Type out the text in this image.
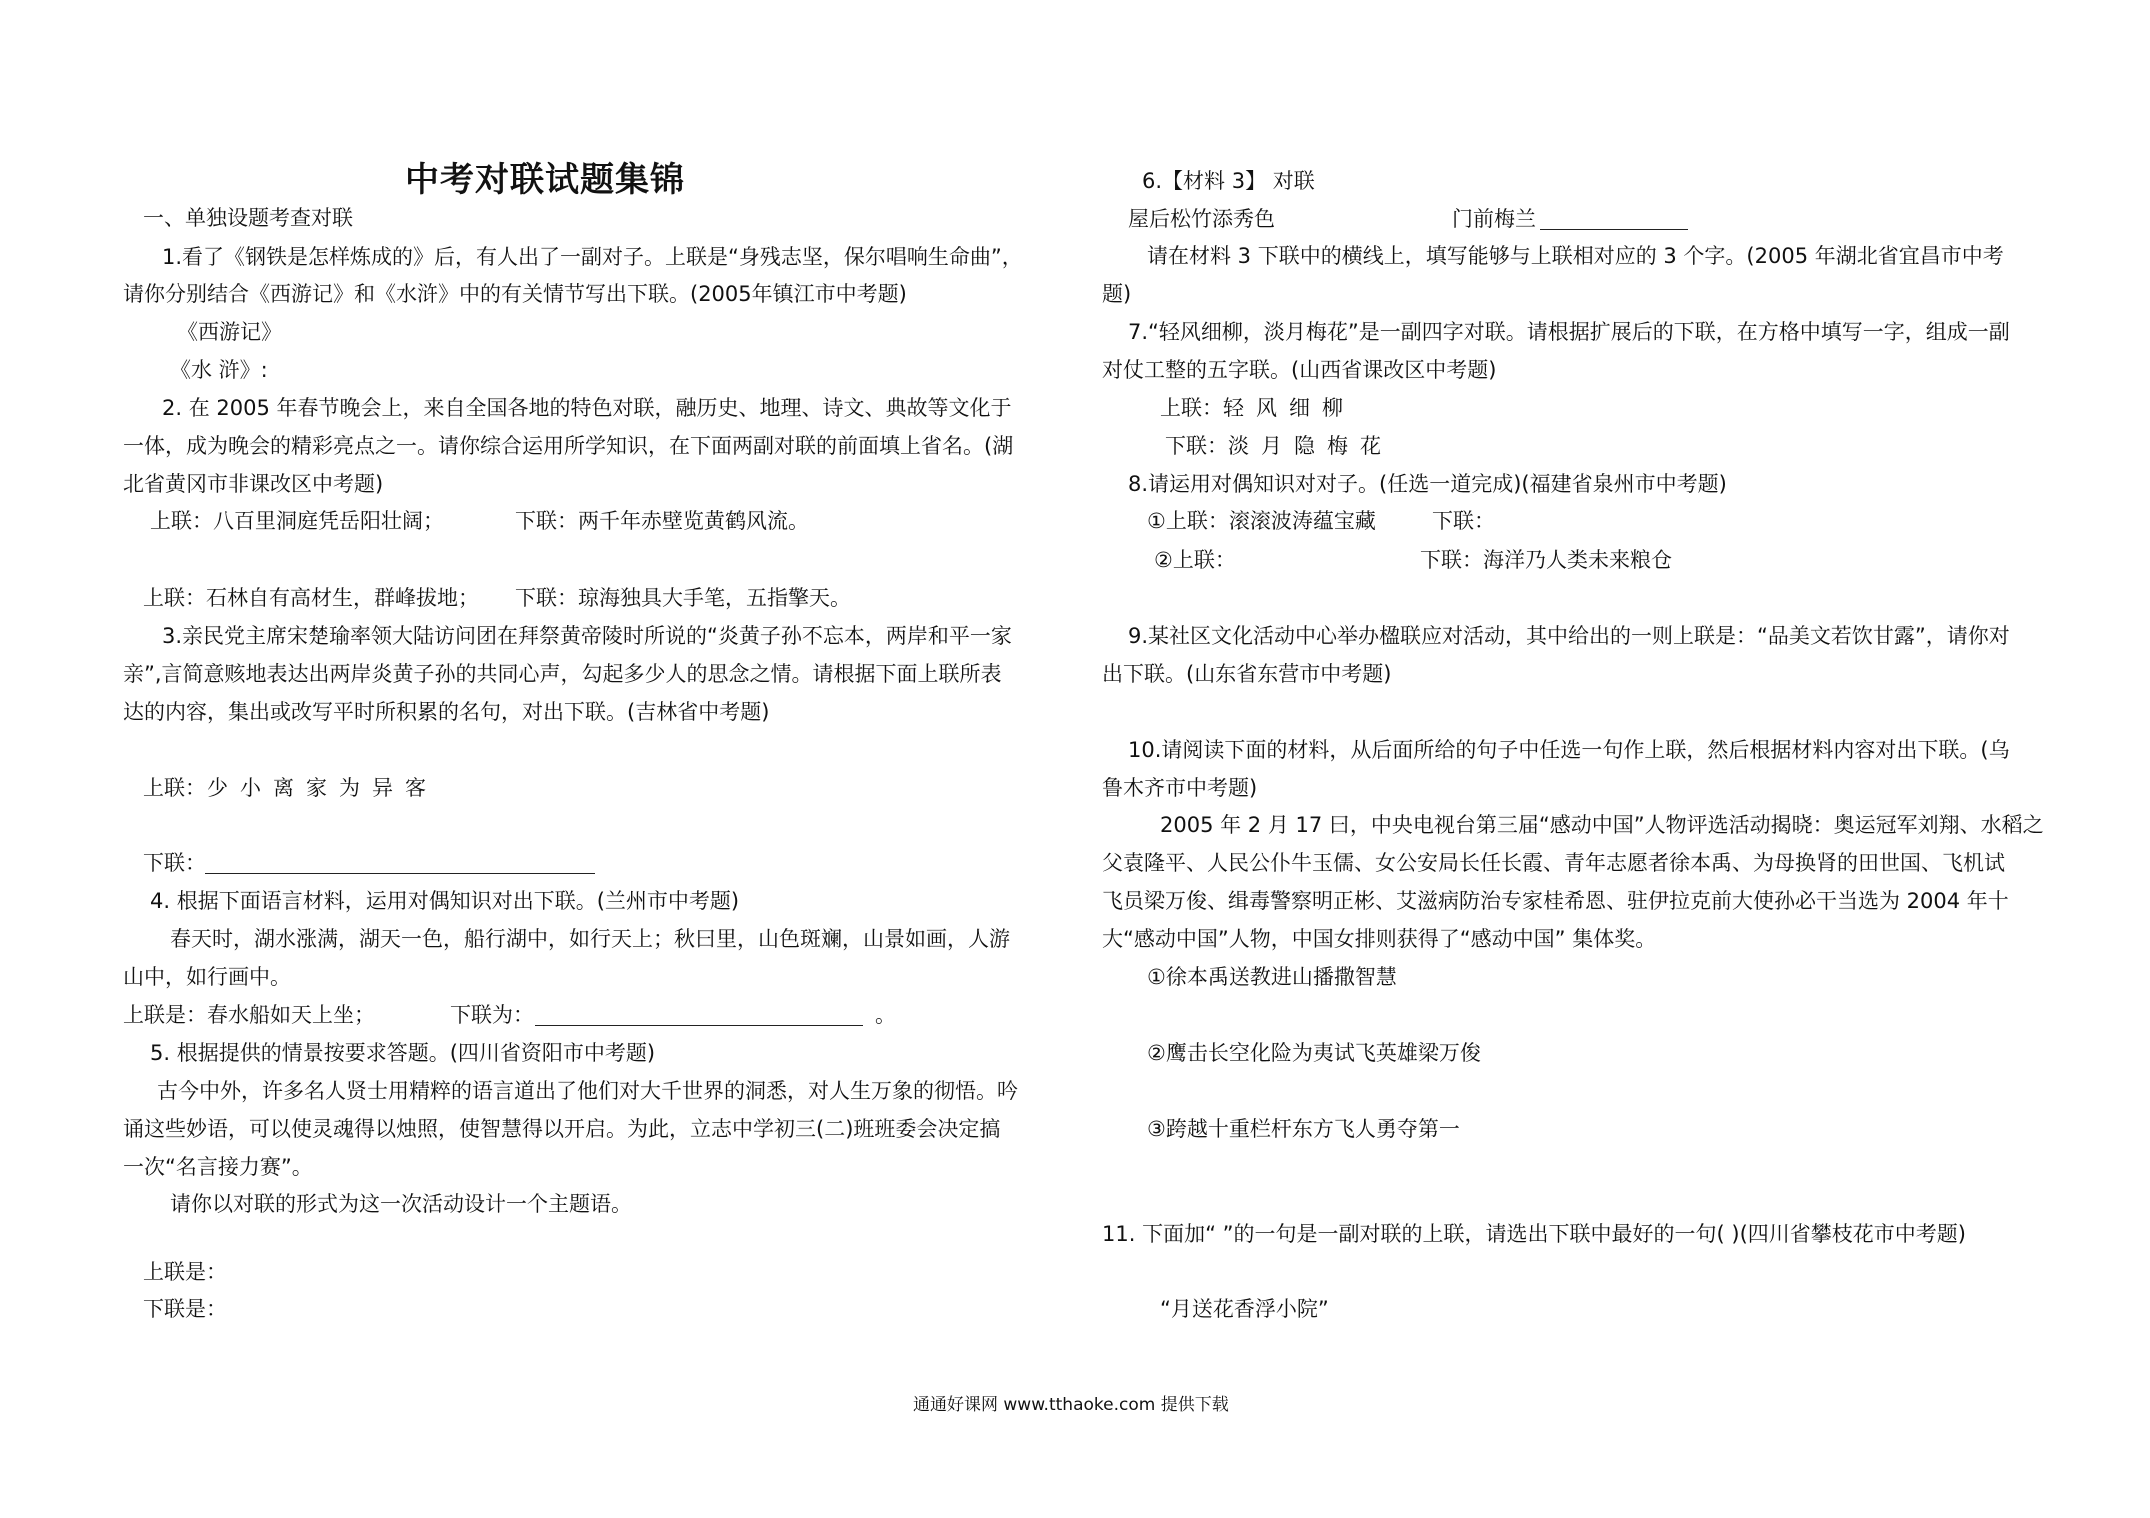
中考对联试题集锦
一、单独设题考查对联
1.看了《钢铁是怎样炼成的》后，有人出了一副对子。上联是“身残志坚，保尔唱响生命曲”，
请你分别结合《西游记》和《水浒》中的有关情节写出下联。(2005年镇江市中考题)
《西游记》
《水 浒》:
2. 在 2005 年春节晚会上，来自全国各地的特色对联，融历史、地理、诗文、典故等文化于
一体，成为晚会的精彩亮点之一。请你综合运用所学知识，在下面两副对联的前面填上省名。(湖
北省黄冈市非课改区中考题)
上联：八百里洞庭凭岳阳壮阔；	下联：两千年赤壁览黄鹤风流。
上联：石林自有高材生，群峰拔地； 下联：琼海独具大手笔，五指擎天。
3.亲民党主席宋楚瑜率领大陆访问团在拜祭黄帝陵时所说的“炎黄子孙不忘本，两岸和平一家
亲”,言简意赅地表达出两岸炎黄子孙的共同心声，勾起多少人的思念之情。请根据下面上联所表
达的内容，集出或改写平时所积累的名句，对出下联。(吉林省中考题)
上联： 少小离家为异客
下联：
4. 根据下面语言材料，运用对偶知识对出下联。(兰州市中考题)
春天时，湖水涨满，湖天一色，船行湖中，如行天上；秋曰里，山色斑斓，山景如画，人游
山中，如行画中。
上联是：春水船如天上坐；	下联为：	。
5. 根据提供的情景按要求答题。(四川省资阳市中考题)
古今中外，许多名人贤士用精粹的语言道出了他们对大千世界的洞悉，对人生万象的彻悟。吟
诵这些妙语，可以使灵魂得以烛照，使智慧得以开启。为此，立志中学初三(二)班班委会决定搞
一次“名言接力赛”。
请你以对联的形式为这一次活动设计一个主题语。
上联是：
下联是：
6.【材料 3】 对联
屋后松竹添秀色	门前梅兰
请在材料 3 下联中的横线上，填写能够与上联相对应的 3 个字。(2005 年湖北省宜昌市中考
题)
7.“轻风细柳，淡月梅花”是一副四字对联。请根据扩展后的下联，在方格中填写一字，组成一副
对仗工整的五字联。(山西省课改区中考题)
上联： 轻风细柳
下联： 淡月隐梅花
8.请运用对偶知识对对子。(任选一道完成)(福建省泉州市中考题)
①上联：滚滚波涛蕴宝藏	下联：
②上联：	下联：海洋乃人类未来粮仓
9.某社区文化活动中心举办楹联应对活动，其中给出的一则上联是：“品美文若饮甘露”，请你对
出下联。(山东省东营市中考题)
10.请阅读下面的材料，从后面所给的句子中任选一句作上联，然后根据材料内容对出下联。(乌
鲁木齐市中考题)
2005 年 2 月 17 曰，中央电视台第三届“感动中国”人物评选活动揭晓：奥运冠军刘翔、水稻之
父袁隆平、人民公仆牛玉儒、女公安局长任长霞、青年志愿者徐本禹、为母换肾的田世国、飞机试
飞员梁万俊、缉毒警察明正彬、艾滋病防治专家桂希恩、驻伊拉克前大使孙必干当选为 2004 年十
大“感动中国”人物，中国女排则获得了“感动中国” 集体奖。
①徐本禹送教进山播撒智慧
②鹰击长空化险为夷试飞英雄梁万俊
③跨越十重栏杆东方飞人勇夺第一
11. 下面加“ ”的一句是一副对联的上联，请选出下联中最好的一句( )(四川省攀枝花市中考题)
“月送花香浮小院”
通通好课网 www.tthaoke.com 提供下载
